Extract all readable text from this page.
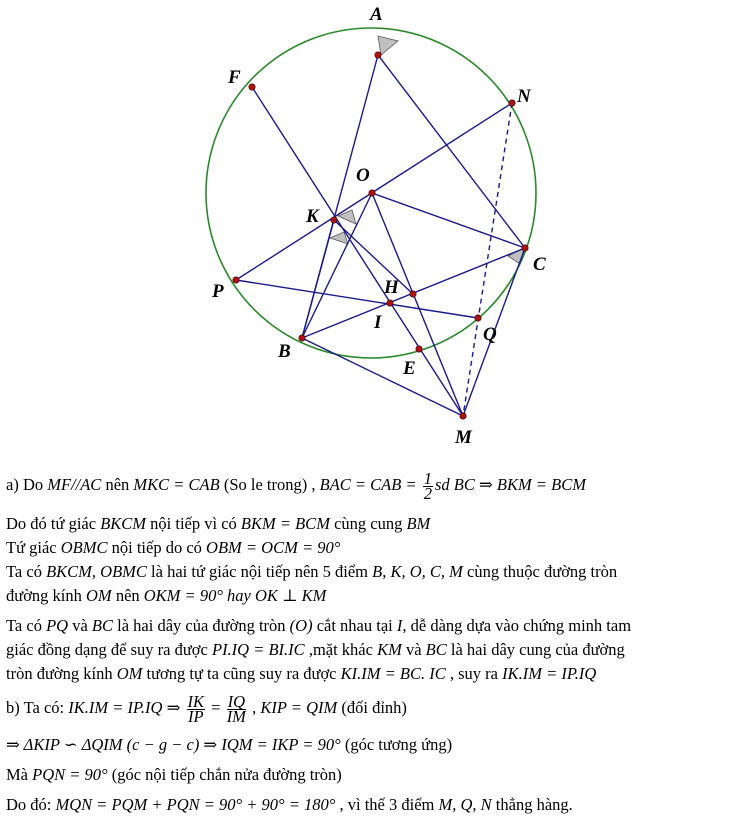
A
F
N
O
K
C
P	H
I
Q
B
E
M

a) Do MF//AC nên MKC = CAB (So le trong) , BAC = CAB = $\frac{1}{2}$ sd BC ⇒ BKM = BCM

Do đó tứ giác BKCM nội tiếp vì có BKM = BCM cùng cung BM

Tứ giác OBMC nội tiếp do có OBM = OCM = 90°

Ta có BKCM, OBMC là hai tứ giác nội tiếp nên 5 điểm B, K, O, C, M cùng thuộc đường tròn

đường kính OM nên OKM = 90° hay OK ⊥ KM

Ta có PQ và BC là hai dây của đường tròn (O) cắt nhau tại I, dễ dàng dựa vào chứng minh tam

giác đồng dạng để suy ra được PI.IQ = BI.IC ,mặt khác KM và BC là hai dây cung của đường

tròn đường kính OM tương tự ta cũng suy ra được KI.IM = BC. IC , suy ra IK.IM = IP.IQ

b) Ta có: IK.IM = IP.IQ ⇒ $\frac{IK}{IP} = \frac{IQ}{IM}$ , KIP = QIM (đối đỉnh)

⇒ ΔKIP ∽ ΔQIM (c − g − c) ⇒ IQM = IKP = 90° (góc tương ứng)

Mà PQN = 90° (góc nội tiếp chắn nửa đường tròn)

Do đó: MQN = PQM + PQN = 90° + 90° = 180° , vì thế 3 điểm M, Q, N thẳng hàng.
